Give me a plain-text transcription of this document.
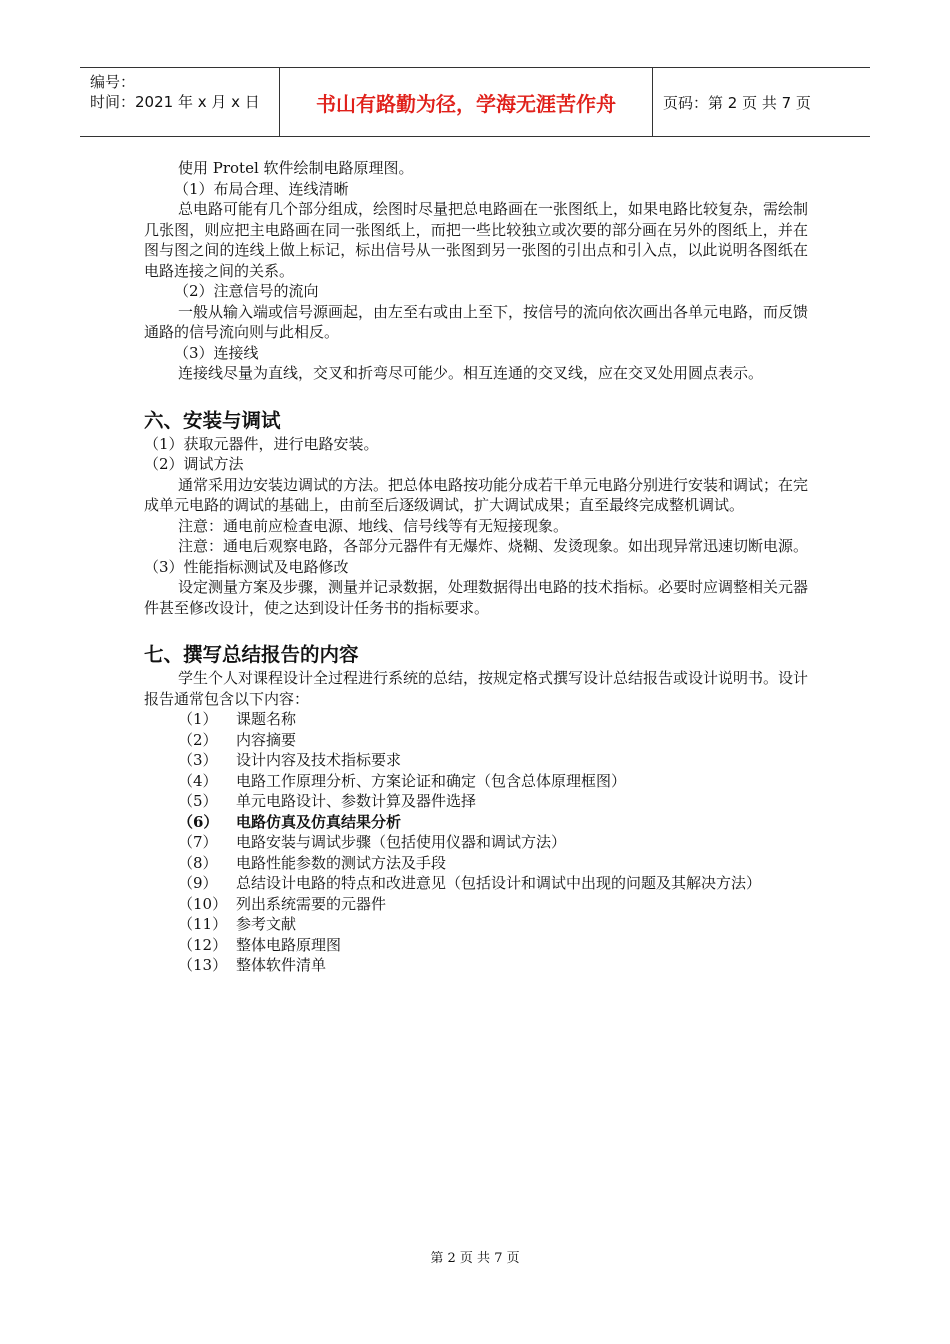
编号：
时间：2021 年 x 月 x 日	书山有路勤为径，学海无涯苦作舟	页码：第 2 页 共 7 页

使用 Protel 软件绘制电路原理图。

（1）布局合理、连线清晰

总电路可能有几个部分组成，绘图时尽量把总电路画在一张图纸上，如果电路比较复杂，需绘制几张图，则应把主电路画在同一张图纸上，而把一些比较独立或次要的部分画在另外的图纸上，并在图与图之间的连线上做上标记，标出信号从一张图到另一张图的引出点和引入点，以此说明各图纸在电路连接之间的关系。

（2）注意信号的流向

一般从输入端或信号源画起，由左至右或由上至下，按信号的流向依次画出各单元电路，而反馈通路的信号流向则与此相反。

（3）连接线

连接线尽量为直线，交叉和折弯尽可能少。相互连通的交叉线，应在交叉处用圆点表示。

六、安装与调试

（1）获取元器件，进行电路安装。

（2）调试方法

通常采用边安装边调试的方法。把总体电路按功能分成若干单元电路分别进行安装和调试；在完成单元电路的调试的基础上，由前至后逐级调试，扩大调试成果；直至最终完成整机调试。

注意：通电前应检查电源、地线、信号线等有无短接现象。

注意：通电后观察电路，各部分元器件有无爆炸、烧糊、发烫现象。如出现异常迅速切断电源。

（3）性能指标测试及电路修改

设定测量方案及步骤，测量并记录数据，处理数据得出电路的技术指标。必要时应调整相关元器件甚至修改设计，使之达到设计任务书的指标要求。

七、撰写总结报告的内容

学生个人对课程设计全过程进行系统的总结，按规定格式撰写设计总结报告或设计说明书。设计报告通常包含以下内容：

（1）	课题名称
（2）	内容摘要
（3）	设计内容及技术指标要求
（4）	电路工作原理分析、方案论证和确定（包含总体原理框图）
（5）	单元电路设计、参数计算及器件选择
（6）	电路仿真及仿真结果分析
（7）	电路安装与调试步骤（包括使用仪器和调试方法）
（8）	电路性能参数的测试方法及手段
（9）	总结设计电路的特点和改进意见（包括设计和调试中出现的问题及其解决方法）
（10） 列出系统需要的元器件
（11） 参考文献
（12） 整体电路原理图
（13） 整体软件清单
第 2 页 共 7 页
